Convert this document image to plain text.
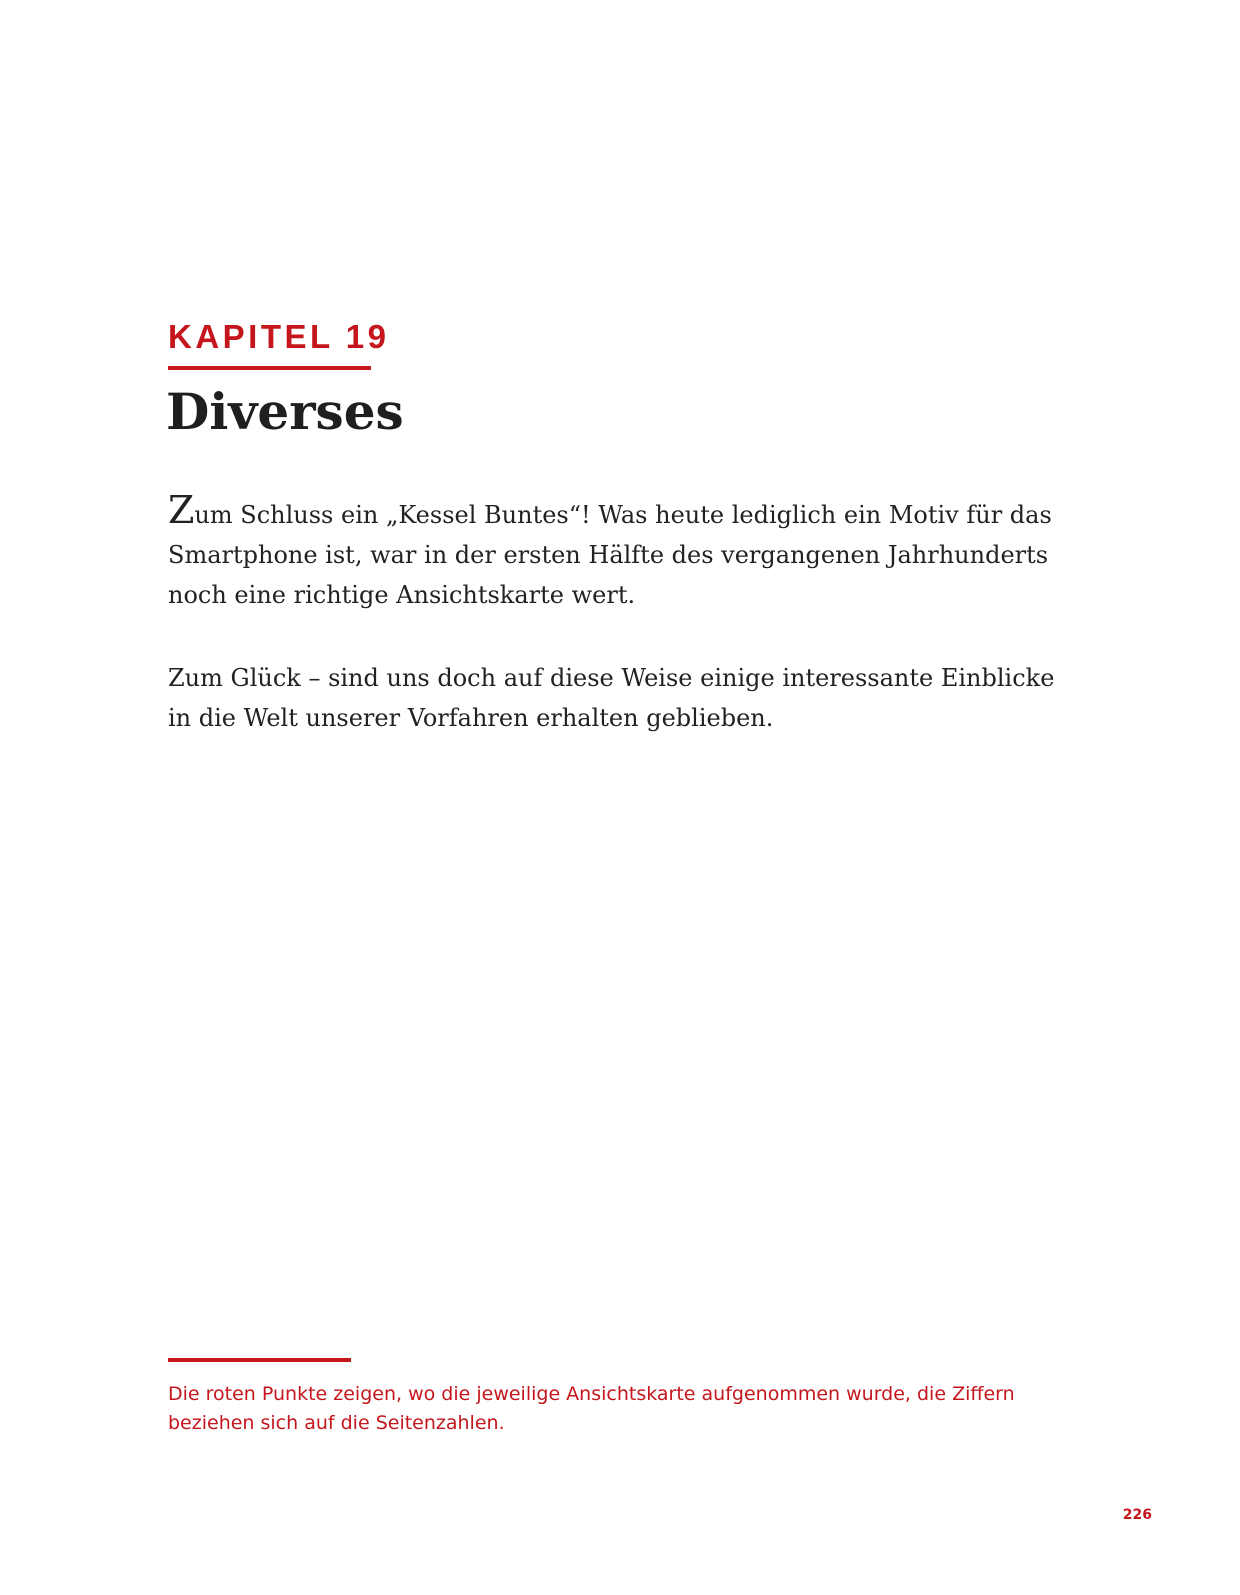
KAPITEL 19

Diverses

Zum Schluss ein „Kessel Buntes“! Was heute lediglich ein Motiv für das Smartphone ist, war in der ersten Hälfte des vergangenen Jahrhunderts noch eine richtige Ansichtskarte wert.

Zum Glück – sind uns doch auf diese Weise einige interessante Einblicke in die Welt unserer Vorfahren erhalten geblieben.

Die roten Punkte zeigen, wo die jeweilige Ansichtskarte aufgenommen wurde, die Ziffern beziehen sich auf die Seitenzahlen.

226
